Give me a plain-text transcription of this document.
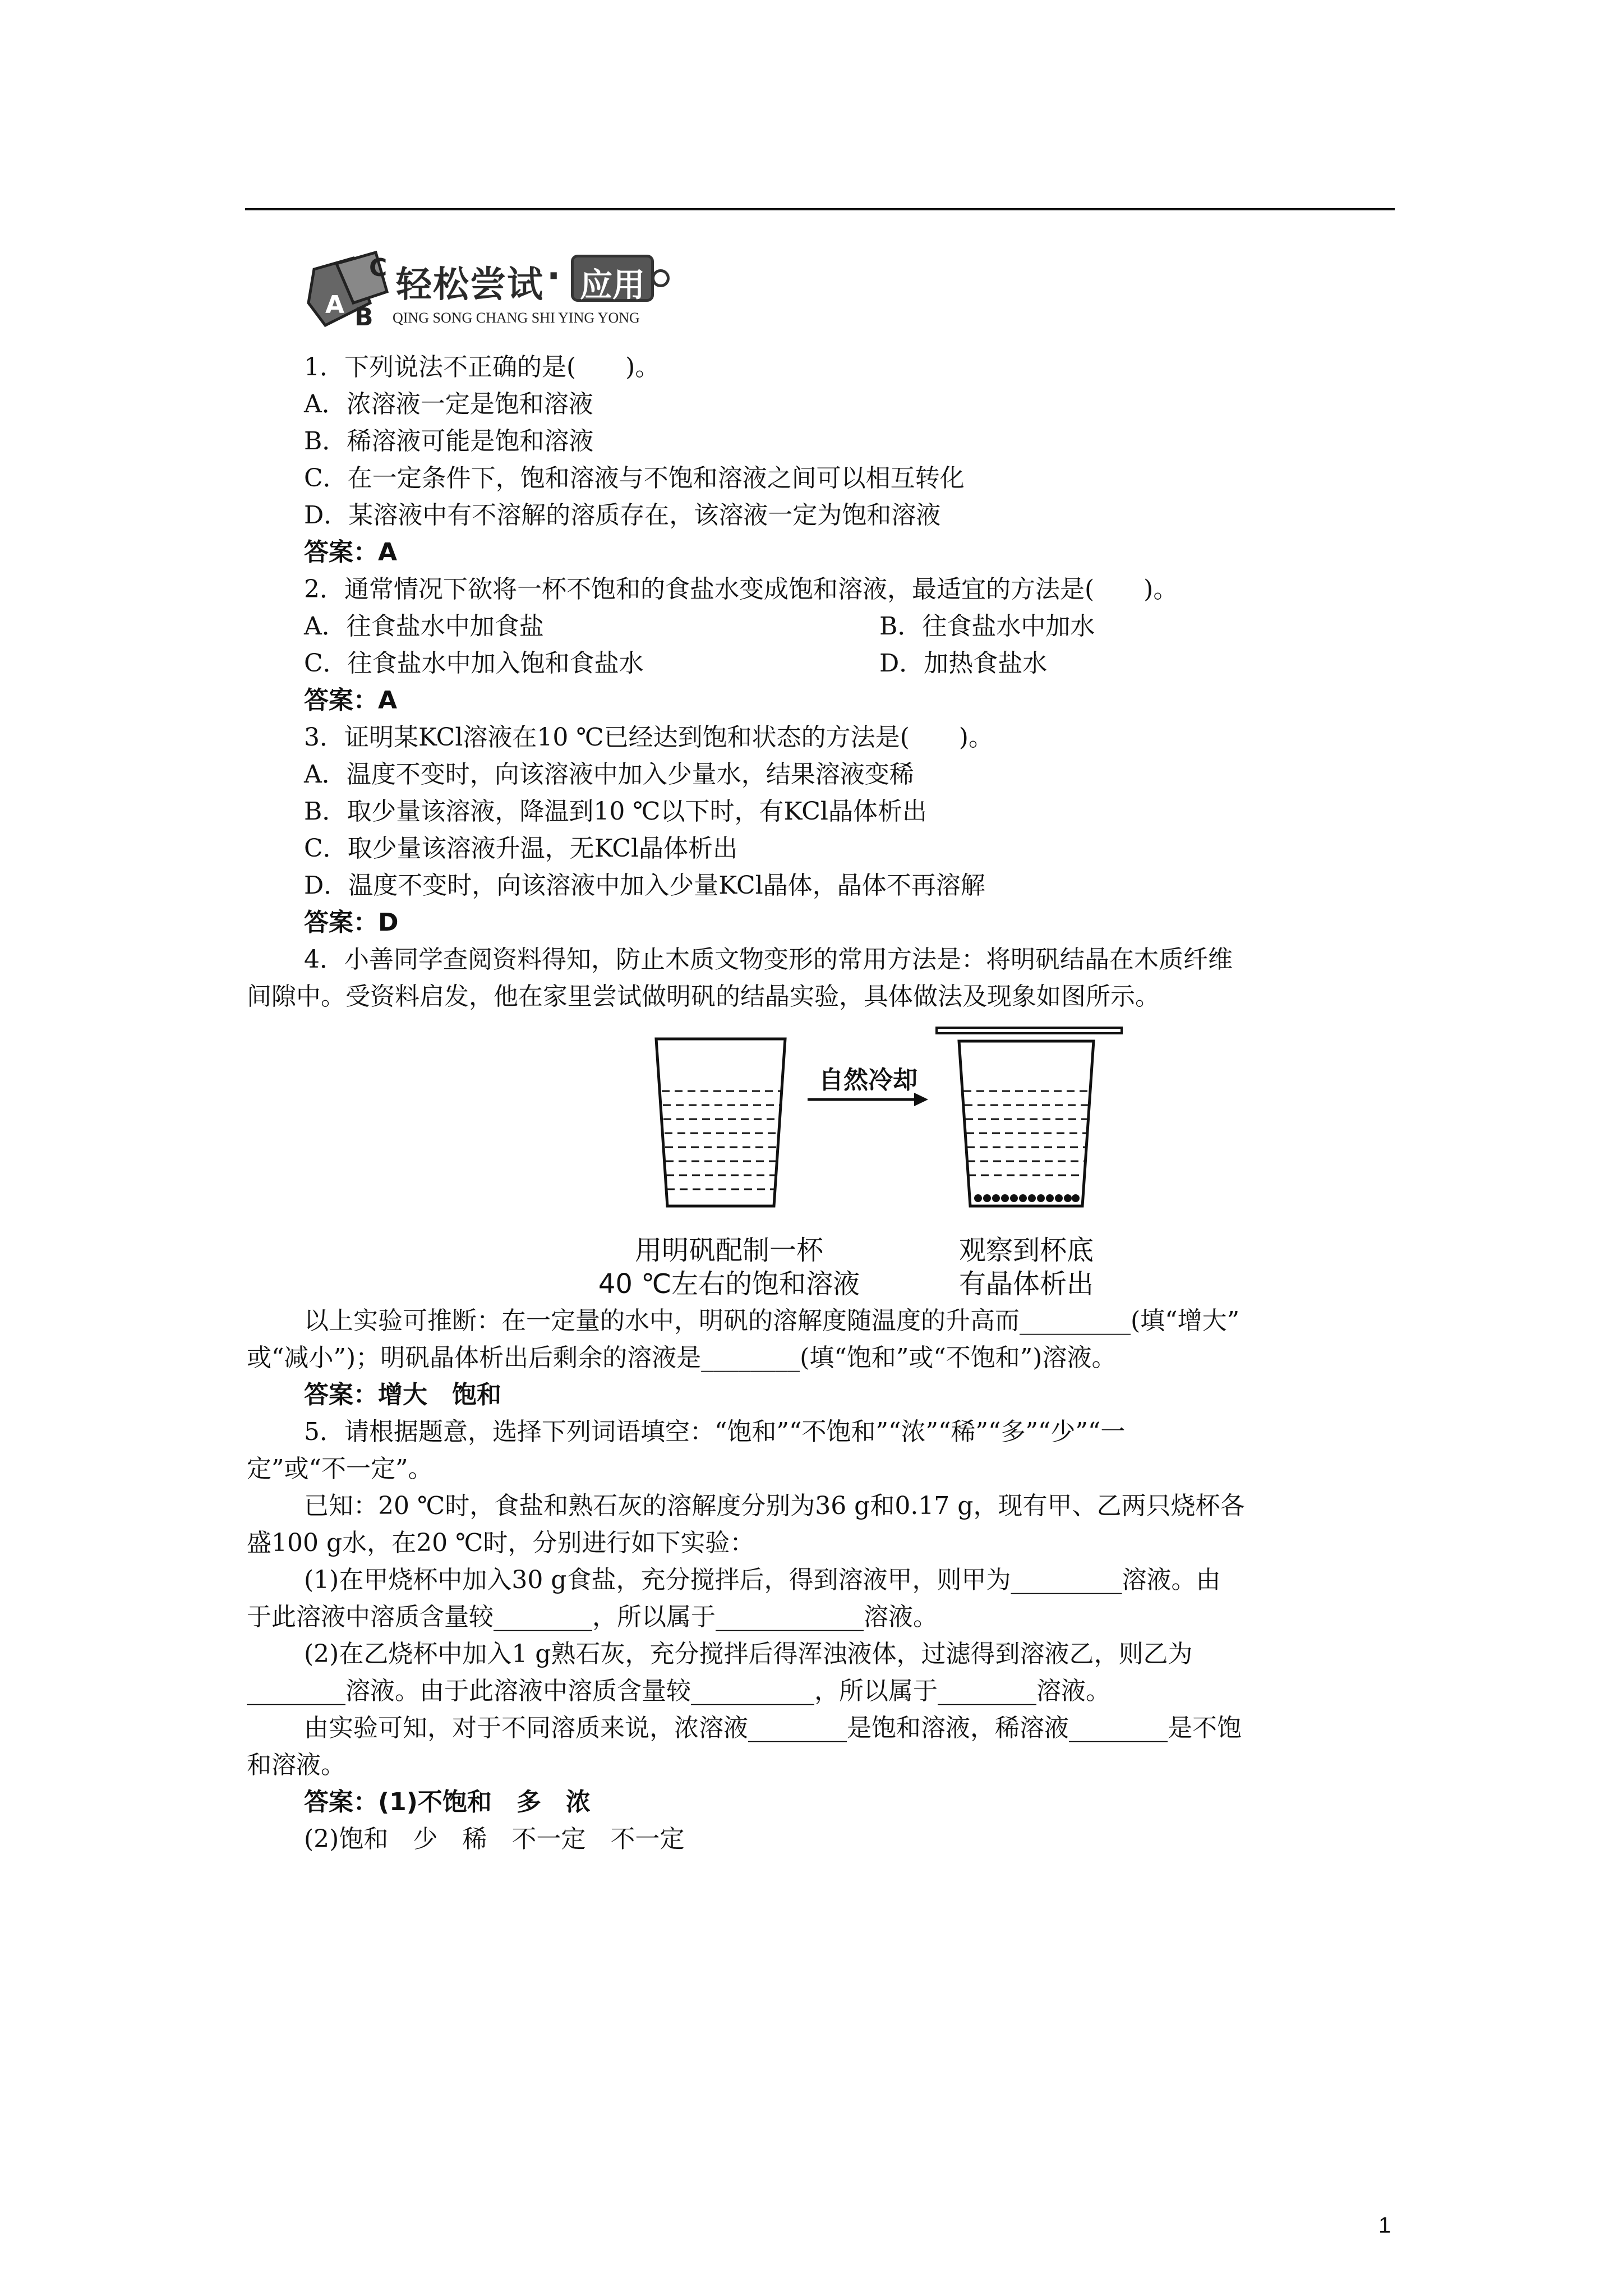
C
A B
轻松尝试 · 应用
QING SONG CHANG SHI YING YONG
1．下列说法不正确的是(　　)。
A．浓溶液一定是饱和溶液
B．稀溶液可能是饱和溶液
C．在一定条件下，饱和溶液与不饱和溶液之间可以相互转化
D．某溶液中有不溶解的溶质存在，该溶液一定为饱和溶液
答案：A
2．通常情况下欲将一杯不饱和的食盐水变成饱和溶液，最适宜的方法是(　　)。
A．往食盐水中加食盐	B．往食盐水中加水
C．往食盐水中加入饱和食盐水	D．加热食盐水
答案：A
3．证明某KCl溶液在10 ℃已经达到饱和状态的方法是(　　)。
A．温度不变时，向该溶液中加入少量水，结果溶液变稀
B．取少量该溶液，降温到10 ℃以下时，有KCl晶体析出
C．取少量该溶液升温，无KCl晶体析出
D．温度不变时，向该溶液中加入少量KCl晶体，晶体不再溶解
答案：D
4．小善同学查阅资料得知，防止木质文物变形的常用方法是：将明矾结晶在木质纤维
间隙中。受资料启发，他在家里尝试做明矾的结晶实验，具体做法及现象如图所示。
自然冷却
用明矾配制一杯
40 ℃左右的饱和溶液
观察到杯底
有晶体析出
以上实验可推断：在一定量的水中，明矾的溶解度随温度的升高而_________(填“增大”
或“减小”)；明矾晶体析出后剩余的溶液是________(填“饱和”或“不饱和”)溶液。
答案：增大　饱和
5．请根据题意，选择下列词语填空：“饱和”“不饱和”“浓”“稀”“多”“少”“一
定”或“不一定”。
已知：20 ℃时，食盐和熟石灰的溶解度分别为36 g和0.17 g，现有甲、乙两只烧杯各
盛100 g水，在20 ℃时，分别进行如下实验：
(1)在甲烧杯中加入30 g食盐，充分搅拌后，得到溶液甲，则甲为_________溶液。由
于此溶液中溶质含量较________，所以属于____________溶液。
(2)在乙烧杯中加入1 g熟石灰，充分搅拌后得浑浊液体，过滤得到溶液乙，则乙为
________溶液。由于此溶液中溶质含量较__________，所以属于________溶液。
由实验可知，对于不同溶质来说，浓溶液________是饱和溶液，稀溶液________是不饱
和溶液。
答案：(1)不饱和　多　浓
(2)饱和　少　稀　不一定　不一定
1
